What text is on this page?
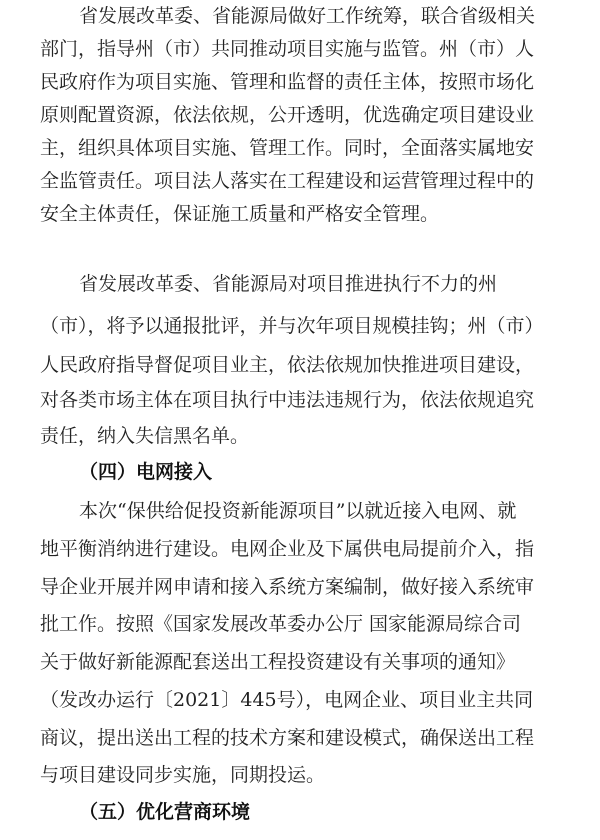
省发展改革委、省能源局做好工作统筹，联合省级相关
部门，指导州（市）共同推动项目实施与监管。州（市）人
民政府作为项目实施、管理和监督的责任主体，按照市场化
原则配置资源，依法依规，公开透明，优选确定项目建设业
主，组织具体项目实施、管理工作。同时，全面落实属地安
全监管责任。项目法人落实在工程建设和运营管理过程中的
安全主体责任，保证施工质量和严格安全管理。
省发展改革委、省能源局对项目推进执行不力的州
（市），将予以通报批评，并与次年项目规模挂钩；州（市）
人民政府指导督促项目业主，依法依规加快推进项目建设，
对各类市场主体在项目执行中违法违规行为，依法依规追究
责任，纳入失信黑名单。
（四）电网接入
本次“保供给促投资新能源项目”以就近接入电网、就
地平衡消纳进行建设。电网企业及下属供电局提前介入，指
导企业开展并网申请和接入系统方案编制，做好接入系统审
批工作。按照《国家发展改革委办公厅 国家能源局综合司
关于做好新能源配套送出工程投资建设有关事项的通知》
（发改办运行〔2021〕445号），电网企业、项目业主共同
商议，提出送出工程的技术方案和建设模式，确保送出工程
与项目建设同步实施，同期投运。
（五）优化营商环境
